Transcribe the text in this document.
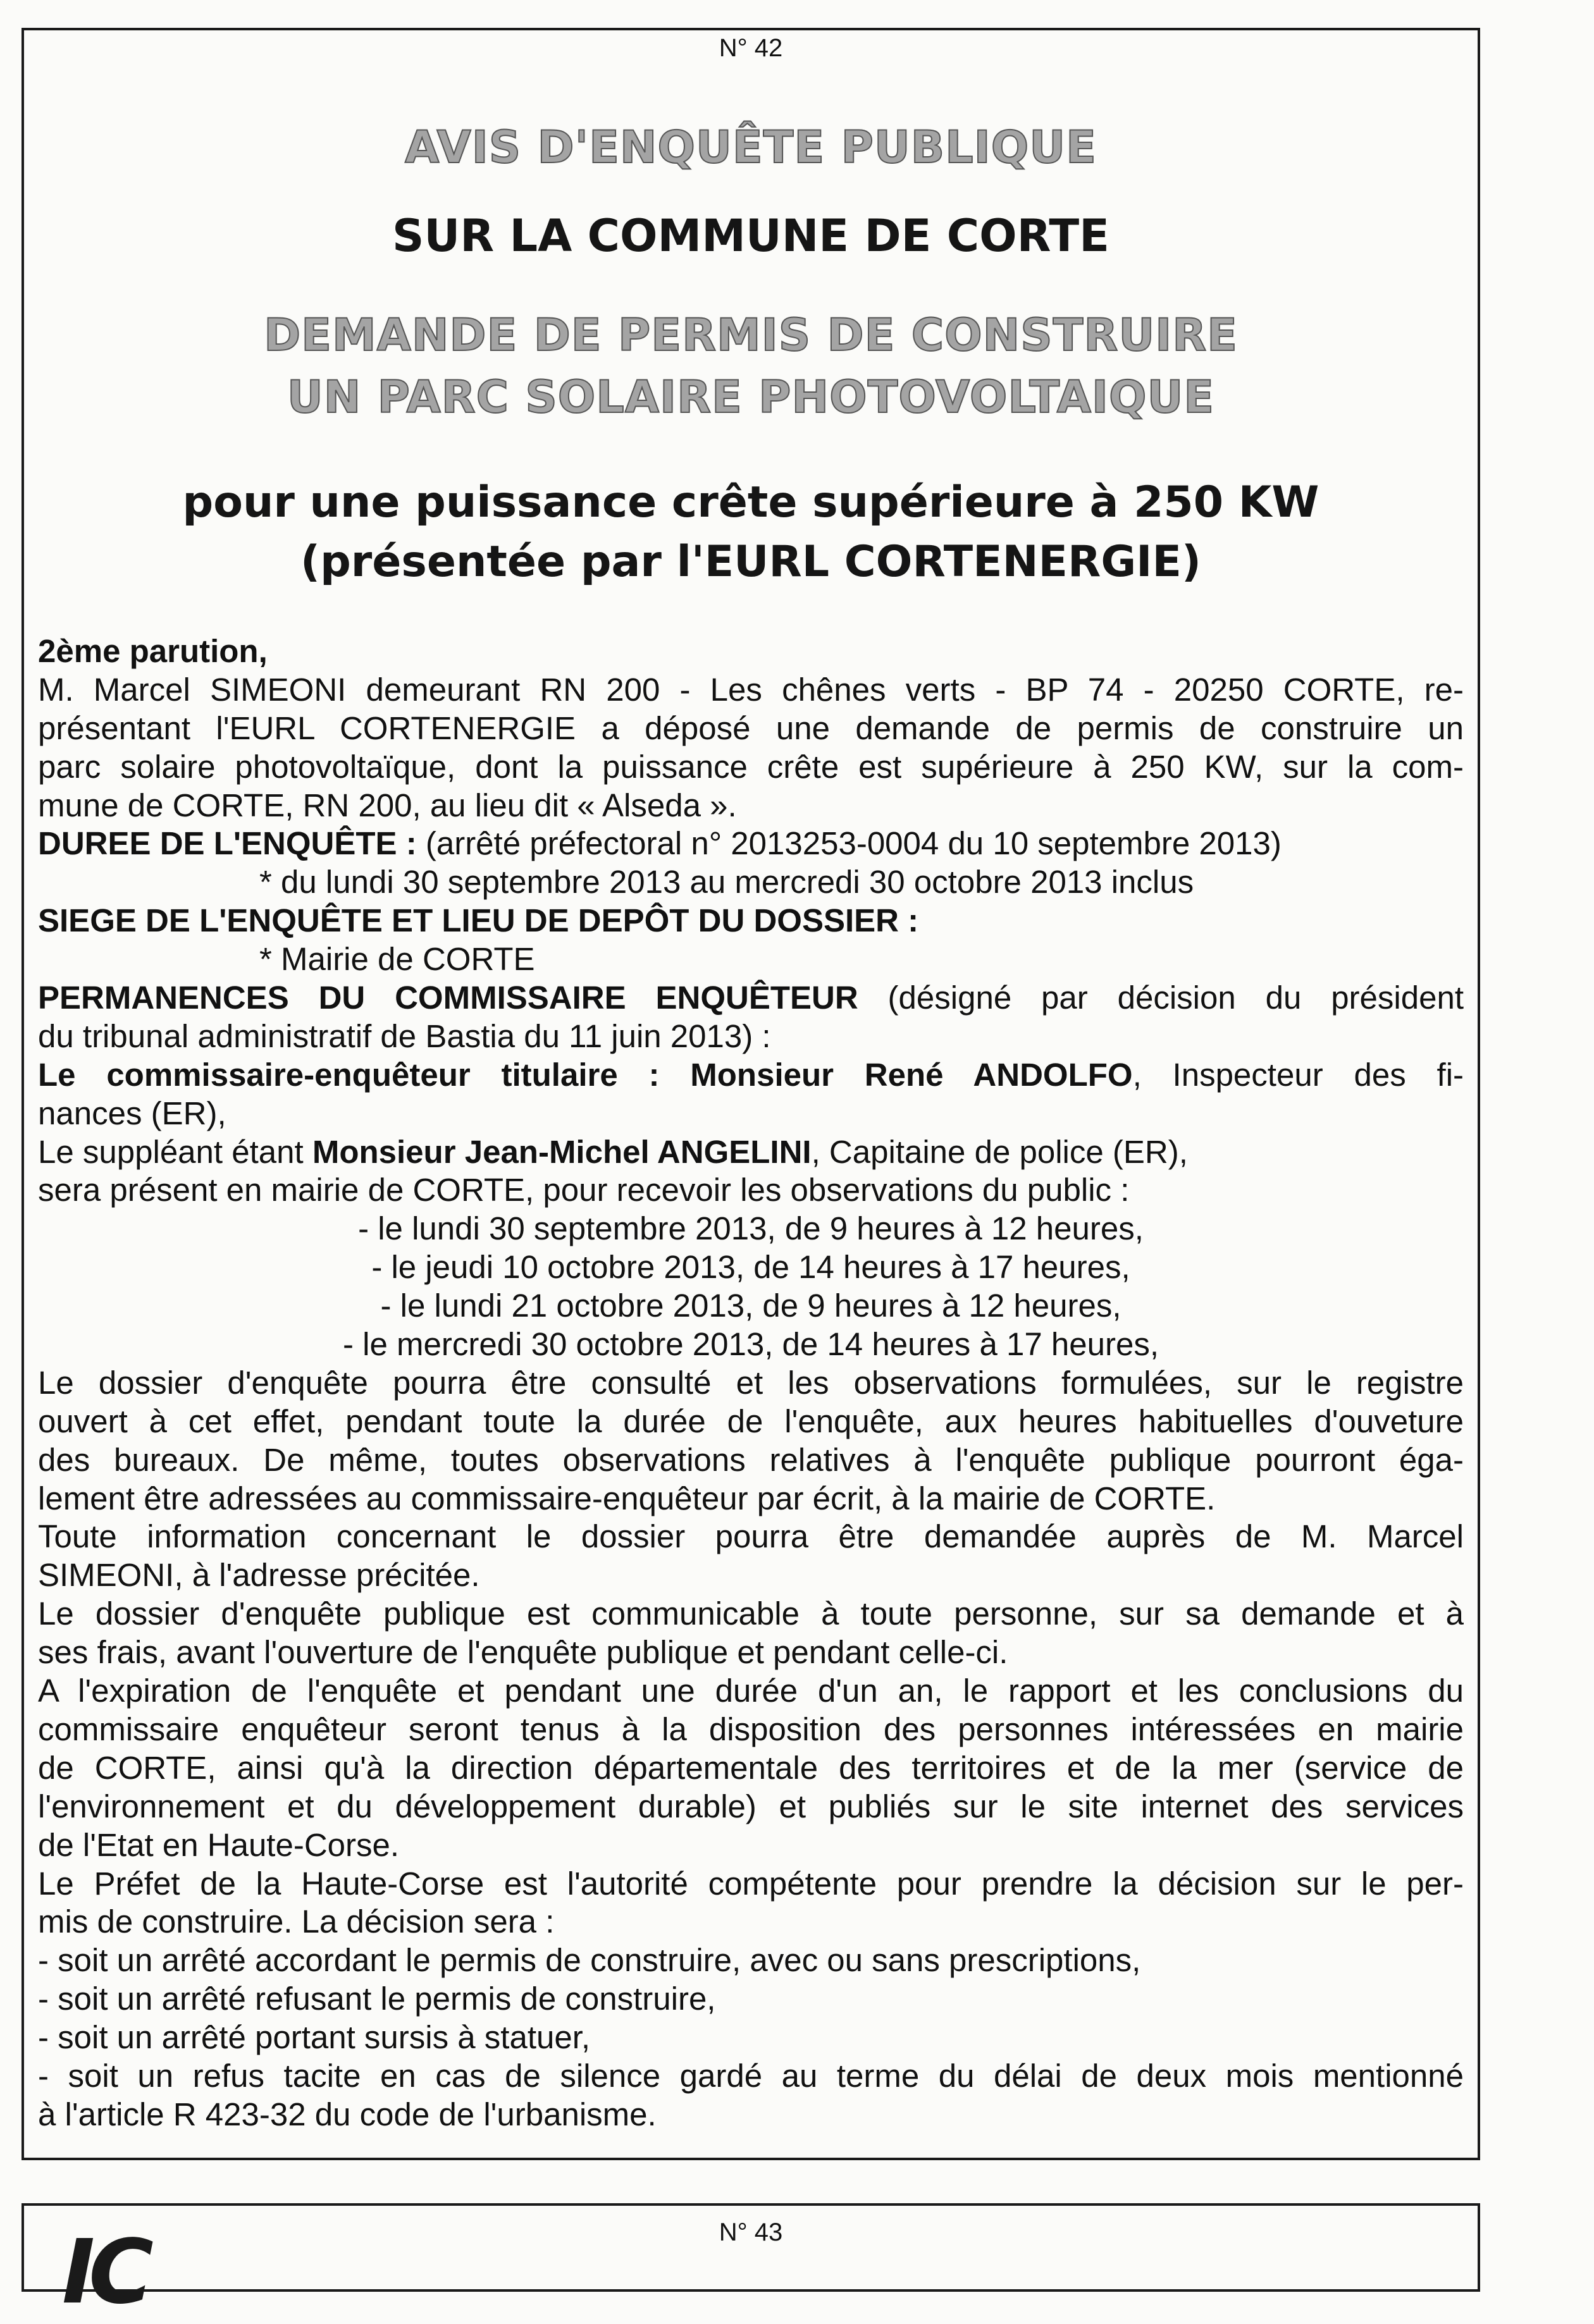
N° 42
AVIS D'ENQUÊTE PUBLIQUE
SUR LA COMMUNE DE CORTE
DEMANDE DE PERMIS DE CONSTRUIRE
UN PARC SOLAIRE PHOTOVOLTAIQUE
pour une puissance crête supérieure à 250 KW
(présentée par l'EURL CORTENERGIE)
2ème parution,
M. Marcel SIMEONI demeurant RN 200 - Les chênes verts - BP 74 - 20250 CORTE, re-
présentant l'EURL CORTENERGIE a déposé une demande de permis de construire un
parc solaire photovoltaïque, dont la puissance crête est supérieure à 250 KW, sur la com-
mune de CORTE, RN 200, au lieu dit « Alseda ».
DUREE DE L'ENQUÊTE : (arrêté préfectoral n° 2013253-0004 du 10 septembre 2013)
* du lundi 30 septembre 2013 au mercredi 30 octobre 2013 inclus
SIEGE DE L'ENQUÊTE ET LIEU DE DEPÔT DU DOSSIER :
* Mairie de CORTE
PERMANENCES DU COMMISSAIRE ENQUÊTEUR (désigné par décision du président
du tribunal administratif de Bastia du 11 juin 2013) :
Le commissaire-enquêteur titulaire : Monsieur René ANDOLFO, Inspecteur des fi-
nances (ER),
Le suppléant étant Monsieur Jean-Michel ANGELINI, Capitaine de police (ER),
sera présent en mairie de CORTE, pour recevoir les observations du public :
- le lundi 30 septembre 2013, de 9 heures à 12 heures,
- le jeudi 10 octobre 2013, de 14 heures à 17 heures,
- le lundi 21 octobre 2013, de 9 heures à 12 heures,
- le mercredi 30 octobre 2013, de 14 heures à 17 heures,
Le dossier d'enquête pourra être consulté et les observations formulées, sur le registre
ouvert à cet effet, pendant toute la durée de l'enquête, aux heures habituelles d'ouveture
des bureaux. De même, toutes observations relatives à l'enquête publique pourront éga-
lement être adressées au commissaire-enquêteur par écrit, à la mairie de CORTE.
Toute information concernant le dossier pourra être demandée auprès de M. Marcel
SIMEONI, à l'adresse précitée.
Le dossier d'enquête publique est communicable à toute personne, sur sa demande et à
ses frais, avant l'ouverture de l'enquête publique et pendant celle-ci.
A l'expiration de l'enquête et pendant une durée d'un an, le rapport et les conclusions du
commissaire enquêteur seront tenus à la disposition des personnes intéressées en mairie
de CORTE, ainsi qu'à la direction départementale des territoires et de la mer (service de
l'environnement et du développement durable) et publiés sur le site internet des services
de l'Etat en Haute-Corse.
Le Préfet de la Haute-Corse est l'autorité compétente pour prendre la décision sur le per-
mis de construire. La décision sera :
- soit un arrêté accordant le permis de construire, avec ou sans prescriptions,
- soit un arrêté refusant le permis de construire,
- soit un arrêté portant sursis à statuer,
- soit un refus tacite en cas de silence gardé au terme du délai de deux mois mentionné
à l'article R 423-32 du code de l'urbanisme.
IC	N° 43
